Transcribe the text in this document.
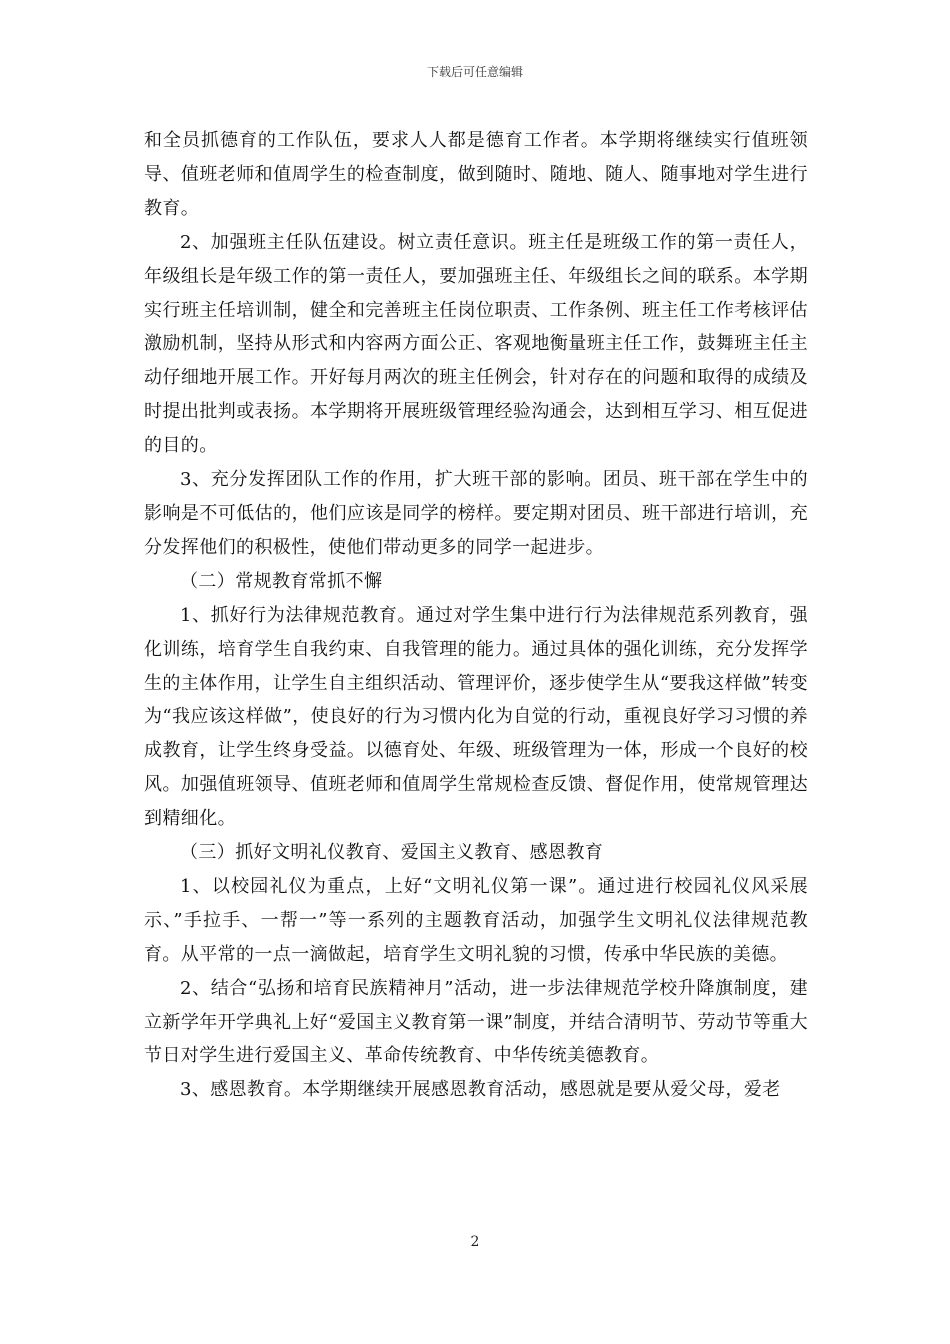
下载后可任意编辑

和全员抓德育的工作队伍，要求人人都是德育工作者。本学期将继续实行值班领导、值班老师和值周学生的检查制度，做到随时、随地、随人、随事地对学生进行教育。

2、加强班主任队伍建设。树立责任意识。班主任是班级工作的第一责任人，年级组长是年级工作的第一责任人，要加强班主任、年级组长之间的联系。本学期实行班主任培训制，健全和完善班主任岗位职责、工作条例、班主任工作考核评估激励机制，坚持从形式和内容两方面公正、客观地衡量班主任工作，鼓舞班主任主动仔细地开展工作。开好每月两次的班主任例会，针对存在的问题和取得的成绩及时提出批判或表扬。本学期将开展班级管理经验沟通会，达到相互学习、相互促进的目的。

3、充分发挥团队工作的作用，扩大班干部的影响。团员、班干部在学生中的影响是不可低估的，他们应该是同学的榜样。要定期对团员、班干部进行培训，充分发挥他们的积极性，使他们带动更多的同学一起进步。

（二）常规教育常抓不懈

1、抓好行为法律规范教育。通过对学生集中进行行为法律规范系列教育，强化训练，培育学生自我约束、自我管理的能力。通过具体的强化训练，充分发挥学生的主体作用，让学生自主组织活动、管理评价，逐步使学生从“要我这样做”转变为“我应该这样做”，使良好的行为习惯内化为自觉的行动，重视良好学习习惯的养成教育，让学生终身受益。以德育处、年级、班级管理为一体，形成一个良好的校风。加强值班领导、值班老师和值周学生常规检查反馈、督促作用，使常规管理达到精细化。

（三）抓好文明礼仪教育、爱国主义教育、感恩教育

1、以校园礼仪为重点，上好“文明礼仪第一课”。通过进行校园礼仪风采展示、”手拉手、一帮一”等一系列的主题教育活动，加强学生文明礼仪法律规范教育。从平常的一点一滴做起，培育学生文明礼貌的习惯，传承中华民族的美德。

2、结合“弘扬和培育民族精神月”活动，进一步法律规范学校升降旗制度，建立新学年开学典礼上好“爱国主义教育第一课”制度，并结合清明节、劳动节等重大节日对学生进行爱国主义、革命传统教育、中华传统美德教育。

3、感恩教育。本学期继续开展感恩教育活动，感恩就是要从爱父母，爱老

2
